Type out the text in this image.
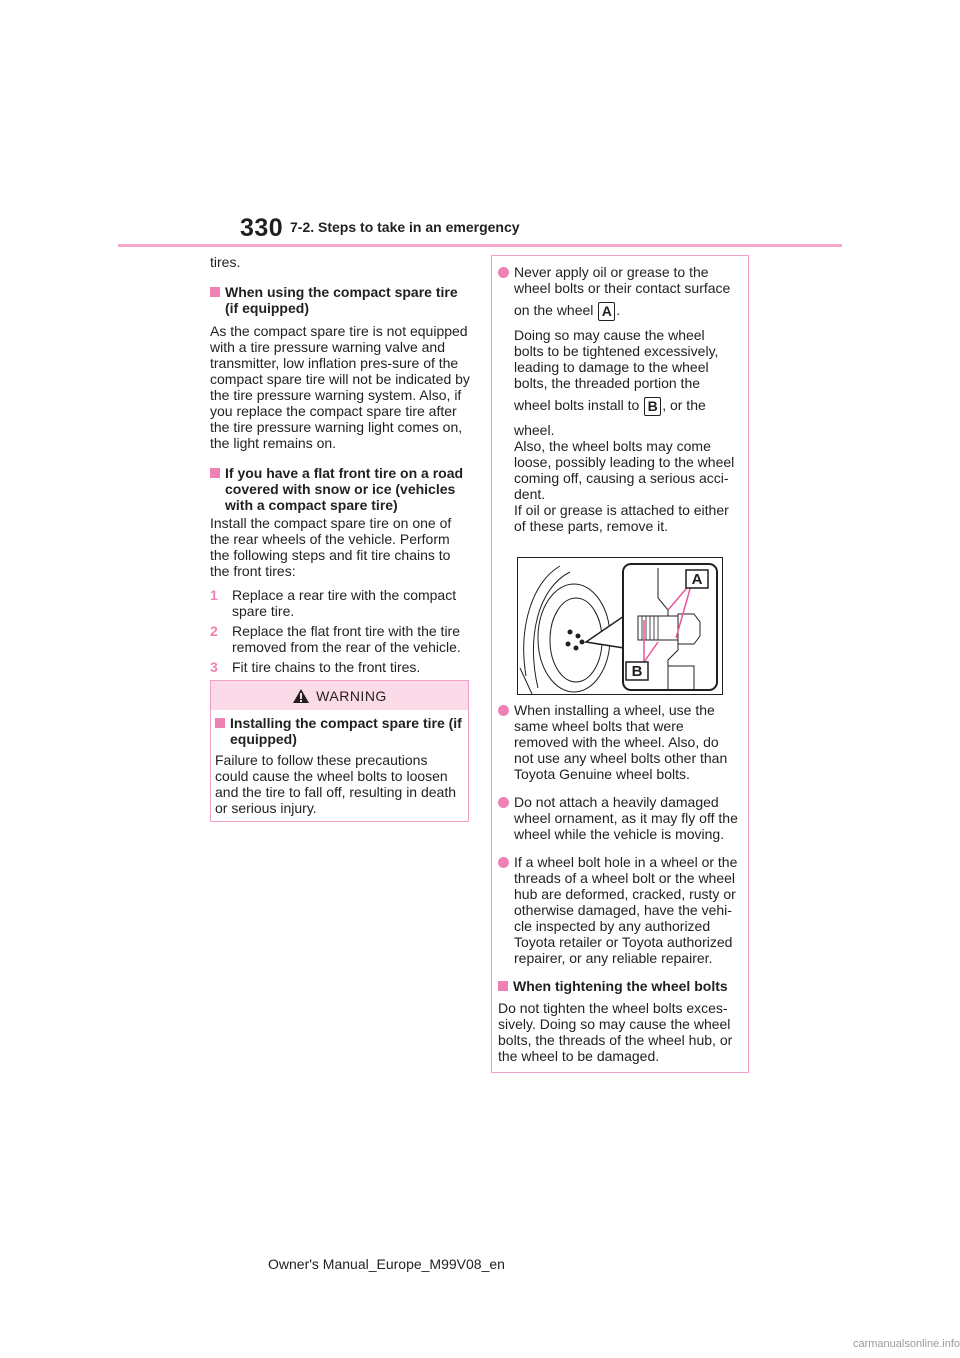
330 7-2. Steps to take in an emergency

tires.

When using the compact spare tire (if equipped)

As the compact spare tire is not equipped with a tire pressure warning valve and transmitter, low inflation pres-sure of the compact spare tire will not be indicated by the tire pressure warning system. Also, if you replace the compact spare tire after the tire pressure warning light comes on, the light remains on.

If you have a flat front tire on a road covered with snow or ice (vehicles with a compact spare tire)

Install the compact spare tire on one of the rear wheels of the vehicle. Perform the following steps and fit tire chains to the front tires:

1	Replace a rear tire with the compact spare tire.
2	Replace the flat front tire with the tire removed from the rear of the vehicle.
3	Fit tire chains to the front tires.
WARNING
Installing the compact spare tire (if equipped)

Failure to follow these precautions could cause the wheel bolts to loosen and the tire to fall off, resulting in death or serious injury.

Never apply oil or grease to the wheel bolts or their contact surface

on the wheel A .

Doing so may cause the wheel bolts to be tightened excessively, leading to damage to the wheel bolts, the threaded portion the

wheel bolts install to B , or the

wheel.

Also, the wheel bolts may come loose, possibly leading to the wheel coming off, causing a serious acci-dent.

If oil or grease is attached to either of these parts, remove it.

When installing a wheel, use the same wheel bolts that were removed with the wheel. Also, do not use any wheel bolts other than Toyota Genuine wheel bolts.
Do not attach a heavily damaged wheel ornament, as it may fly off the wheel while the vehicle is moving.
If a wheel bolt hole in a wheel or the threads of a wheel bolt or the wheel hub are deformed, cracked, rusty or otherwise damaged, have the vehi-cle inspected by any authorized Toyota retailer or Toyota authorized repairer, or any reliable repairer.
When tightening the wheel bolts

Do not tighten the wheel bolts exces-sively. Doing so may cause the wheel bolts, the threads of the wheel hub, or the wheel to be damaged.

A
B
Owner's Manual_Europe_M99V08_en
carmanualsonline.info
